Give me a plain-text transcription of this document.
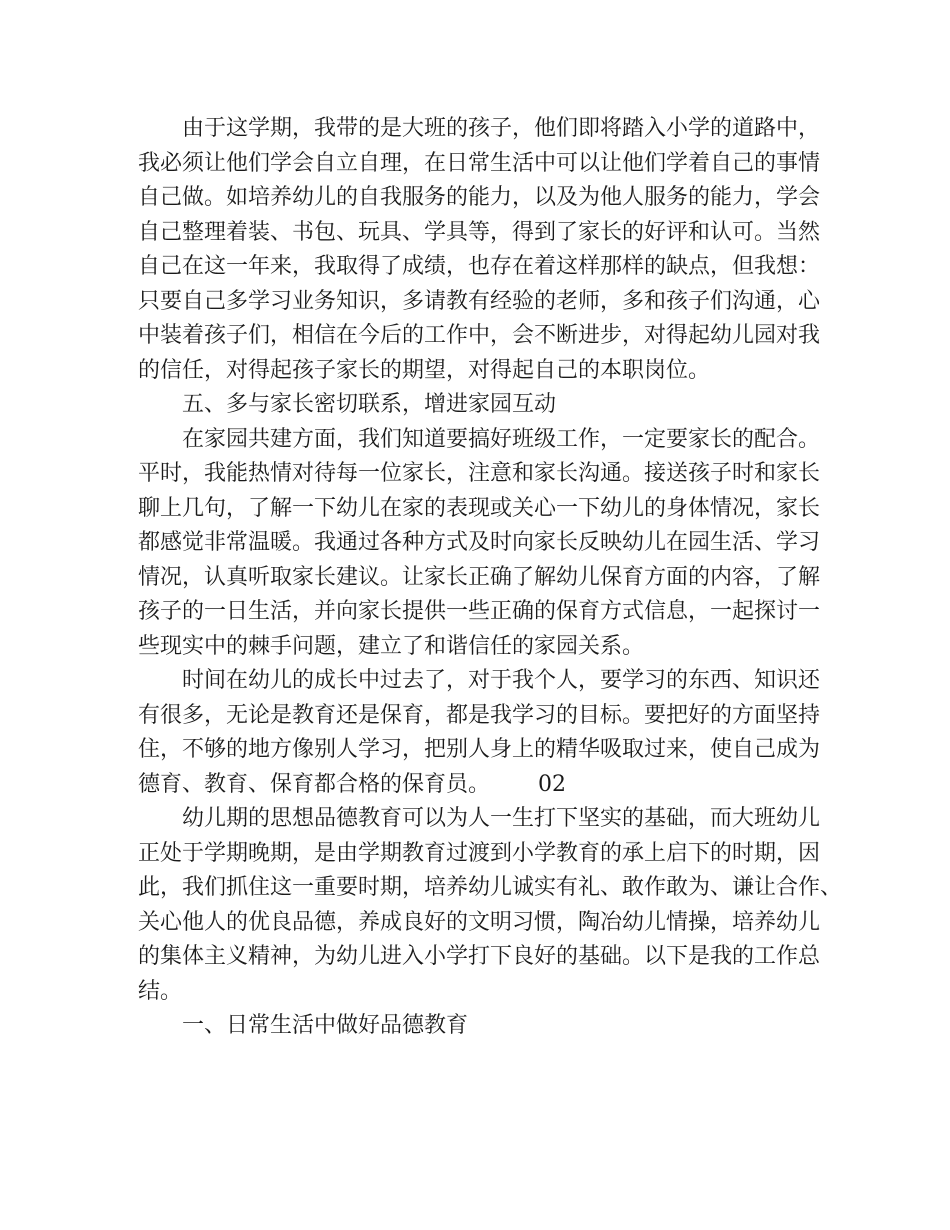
由于这学期，我带的是大班的孩子，他们即将踏入小学的道路中，
我必须让他们学会自立自理，在日常生活中可以让他们学着自己的事情
自己做。如培养幼儿的自我服务的能力，以及为他人服务的能力，学会
自己整理着装、书包、玩具、学具等，得到了家长的好评和认可。当然
自己在这一年来，我取得了成绩，也存在着这样那样的缺点，但我想：
只要自己多学习业务知识，多请教有经验的老师，多和孩子们沟通，心
中装着孩子们，相信在今后的工作中，会不断进步，对得起幼儿园对我
的信任，对得起孩子家长的期望，对得起自己的本职岗位。
五、多与家长密切联系，增进家园互动
在家园共建方面，我们知道要搞好班级工作，一定要家长的配合。
平时，我能热情对待每一位家长，注意和家长沟通。接送孩子时和家长
聊上几句，了解一下幼儿在家的表现或关心一下幼儿的身体情况，家长
都感觉非常温暖。我通过各种方式及时向家长反映幼儿在园生活、学习
情况，认真听取家长建议。让家长正确了解幼儿保育方面的内容，了解
孩子的一日生活，并向家长提供一些正确的保育方式信息，一起探讨一
些现实中的棘手问题，建立了和谐信任的家园关系。
时间在幼儿的成长中过去了，对于我个人，要学习的东西、知识还
有很多，无论是教育还是保育，都是我学习的目标。要把好的方面坚持
住，不够的地方像别人学习，把别人身上的精华吸取过来，使自己成为
德育、教育、保育都合格的保育员。 02
幼儿期的思想品德教育可以为人一生打下坚实的基础，而大班幼儿
正处于学期晚期，是由学期教育过渡到小学教育的承上启下的时期，因
此，我们抓住这一重要时期，培养幼儿诚实有礼、敢作敢为、谦让合作、
关心他人的优良品德，养成良好的文明习惯，陶冶幼儿情操，培养幼儿
的集体主义精神，为幼儿进入小学打下良好的基础。以下是我的工作总
结。
一、日常生活中做好品德教育
